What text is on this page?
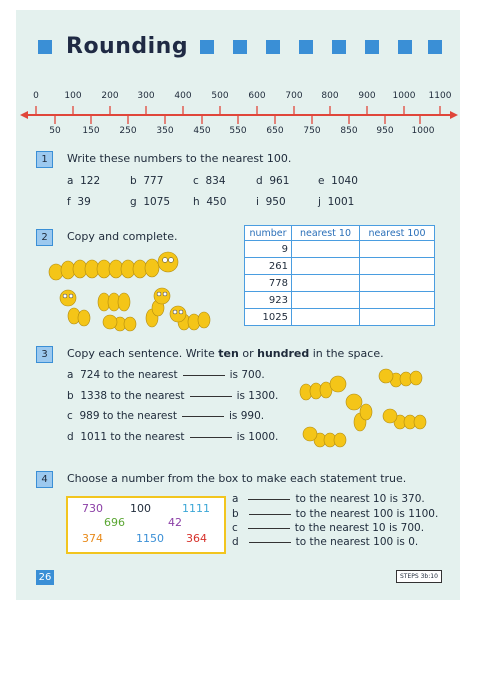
Rounding
0	100	200	300	400	500	600	700	800	900	1000	1100
50	150	250	350	450	550	650	750	850	950	1000
1	Write these numbers to the nearest 100.
a 122	b 777	c 834	d 961	e 1040
f 39	g 1075 h 450	i 950	j 1001
2	Copy and complete.	number	nearest 10	nearest 100
9		
261		
778		
923		
1025		
3	Copy each sentence. Write ten or hundred in the space.
a 724 to the nearest	is 700.
b 1338 to the nearest	is 1300.
c 989 to the nearest	is 990.
d 1011 to the nearest	is 1000.
4	Choose a number from the box to make each statement true.
730 100	1111
696	42
374	1150 364
a	to the nearest 10 is 370.
b	to the nearest 100 is 1100.
c	to the nearest 10 is 700.
d	to the nearest 100 is 0.
26	STEPS 3b:10
